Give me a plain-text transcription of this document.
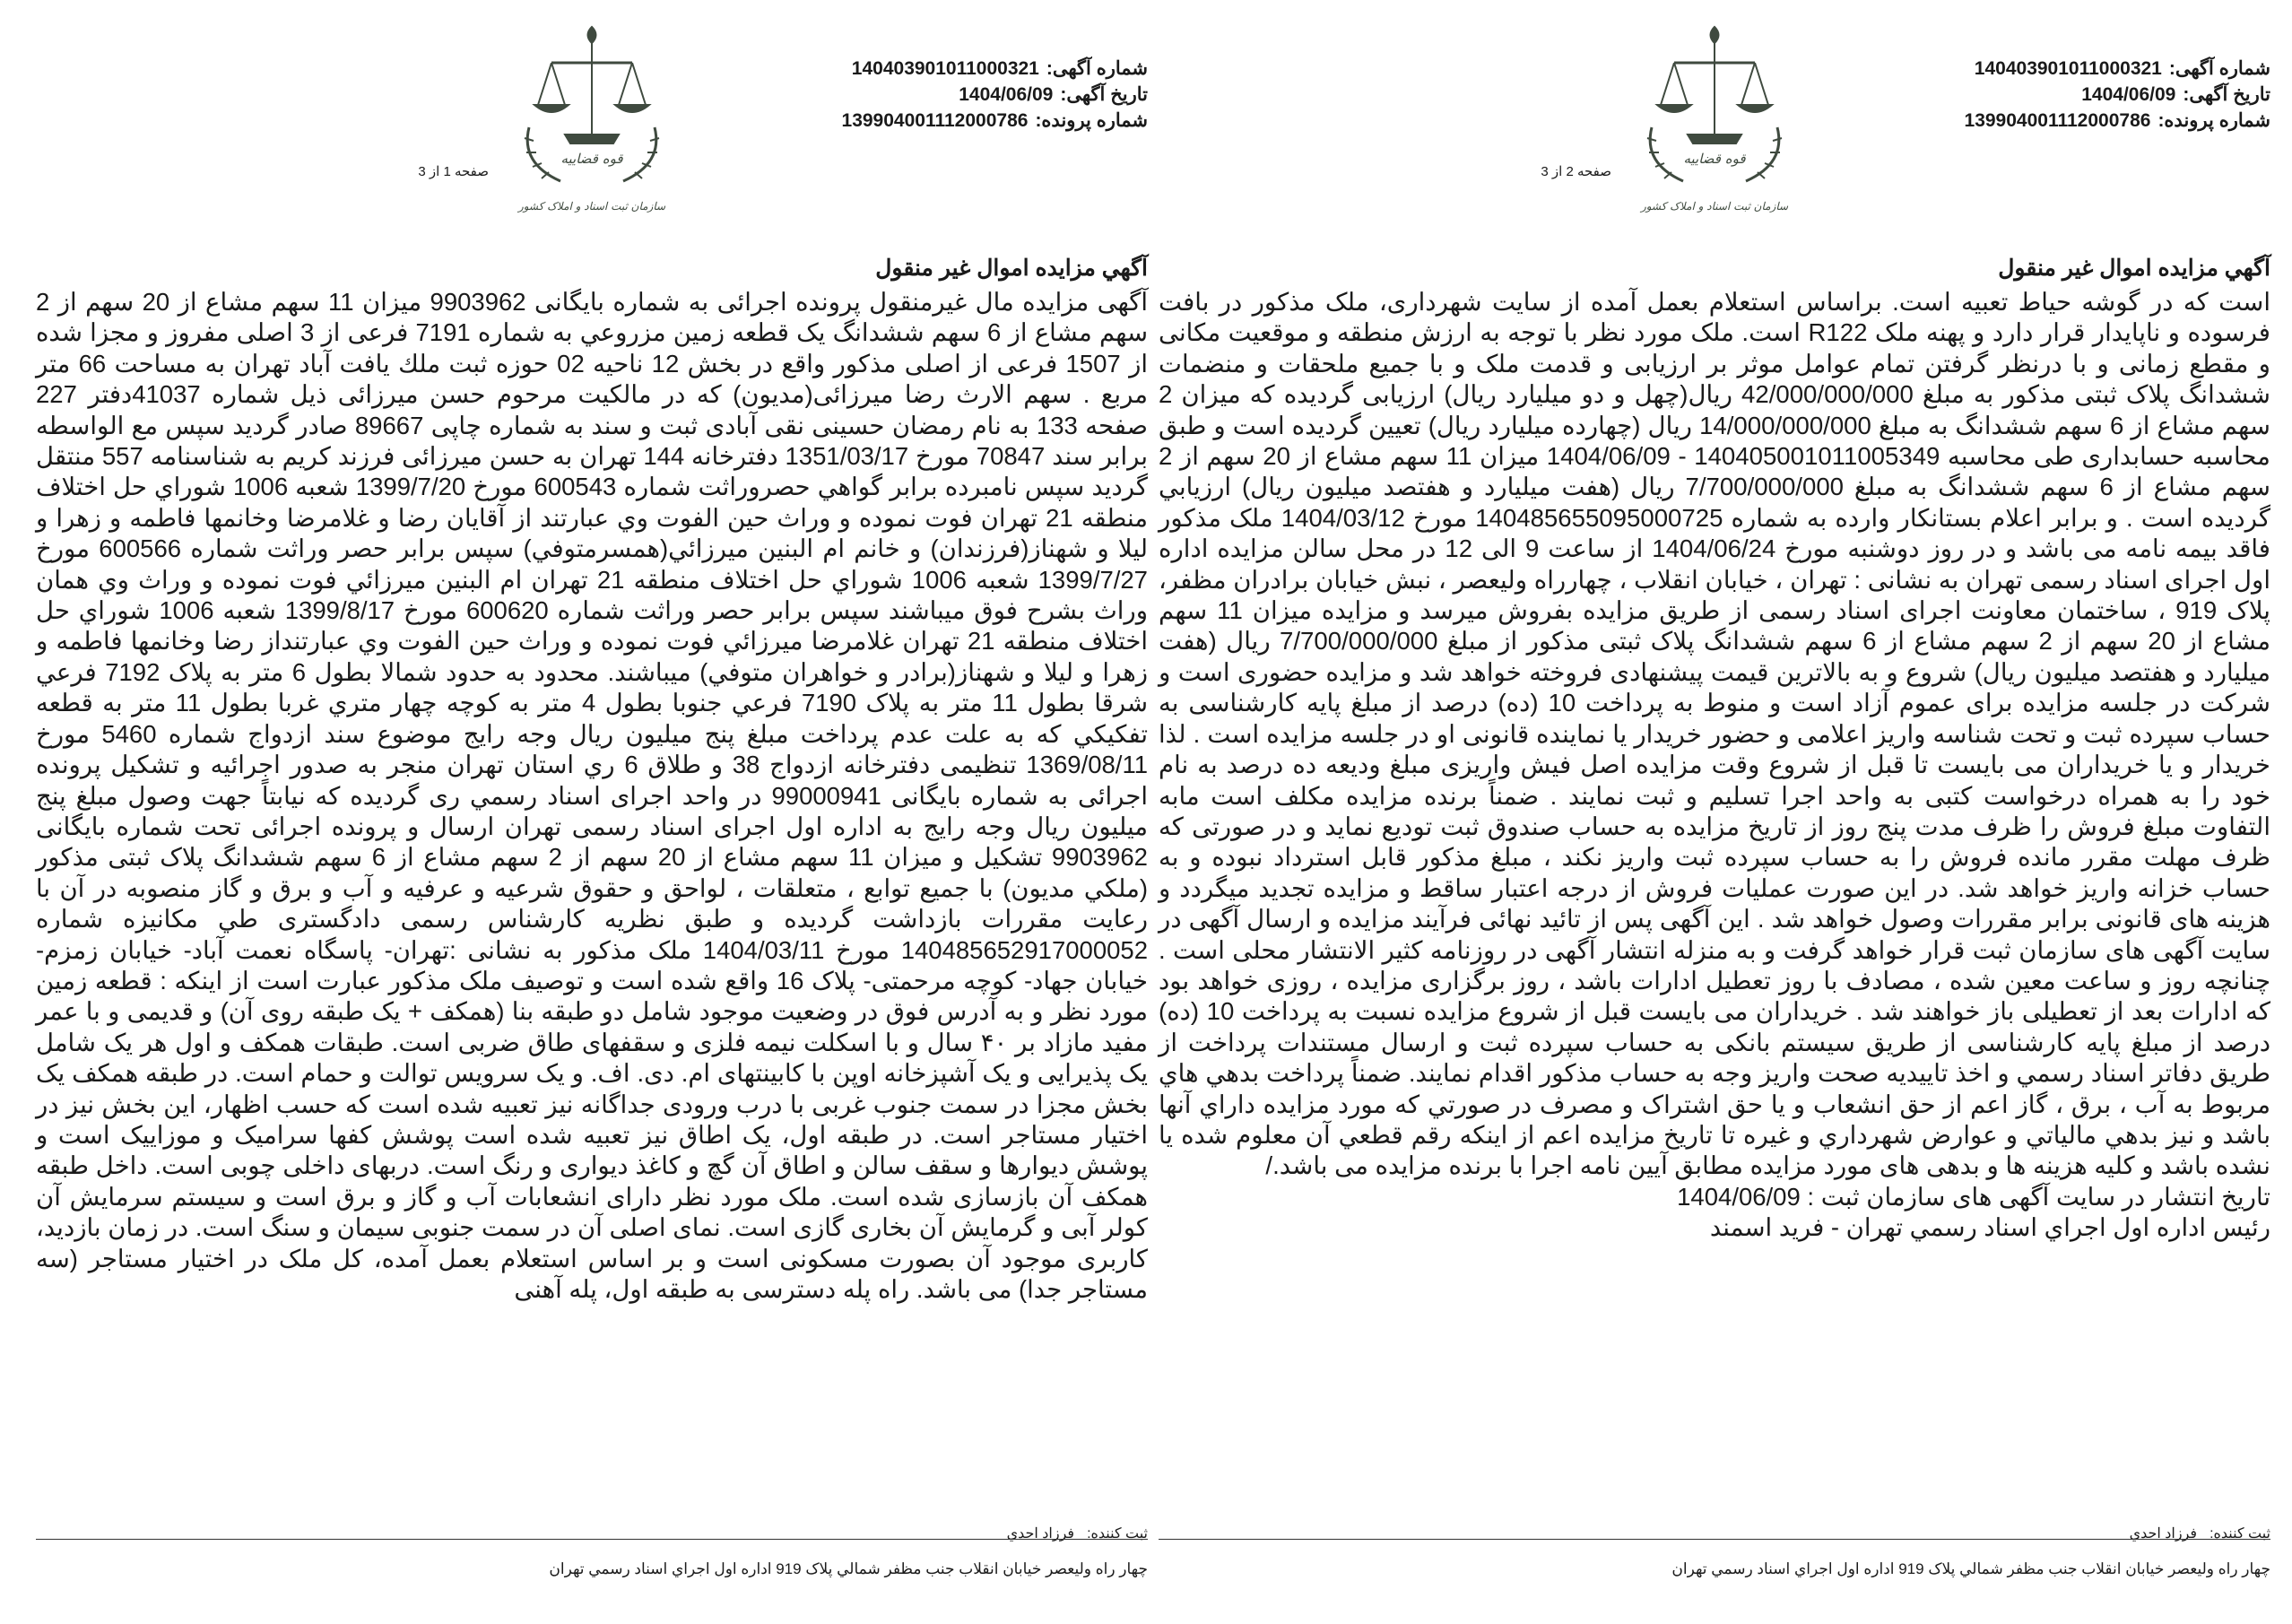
شماره آگهی:140403901011000321
تاریخ آگهی:1404/06/09
شماره پرونده:139904001112000786
قوه قضاییه
سازمان ثبت اسناد و املاک کشور
صفحه 1 از 3
آگهي مزايده اموال غير منقول

آگهی مزايده مال غیرمنقول پرونده اجرائی به شماره بایگانی 9903962 میزان 11 سهم مشاع از 20 سهم از 2 سهم مشاع از 6 سهم ششدانگ یک قطعه زمین مزروعي به شماره 7191 فرعی از 3 اصلی مفروز و مجزا شده از 1507 فرعی از اصلی مذکور واقع در بخش 12 ناحیه 02 حوزه ثبت ملك يافت آباد تهران به مساحت 66 متر مربع . سهم الارث رضا میرزائی(مدیون) که در مالکیت مرحوم حسن میرزائی ذیل شماره 41037دفتر 227 صفحه 133 به نام رمضان حسینی نقی آبادی ثبت و سند به شماره چاپی 89667 صادر گردید سپس مع الواسطه برابر سند 70847 مورخ 1351/03/17 دفترخانه 144 تهران به حسن میرزائی فرزند کریم به شناسنامه 557 منتقل گردید سپس نامبرده برابر گواهي حصروراثت شماره 600543 مورخ 1399/7/20 شعبه 1006 شوراي حل اختلاف منطقه 21 تهران فوت نموده و وراث حين الفوت وي عبارتند از آقايان رضا و غلامرضا وخانمها فاطمه و زهرا و ليلا و شهناز(فرزندان) و خانم ام البنين ميرزائي(همسرمتوفي) سپس برابر حصر وراثت شماره 600566 مورخ 1399/7/27 شعبه 1006 شوراي حل اختلاف منطقه 21 تهران ام البنين ميرزائي فوت نموده و وراث وي همان وراث بشرح فوق ميباشند سپس برابر حصر وراثت شماره 600620 مورخ 1399/8/17 شعبه 1006 شوراي حل اختلاف منطقه 21 تهران غلامرضا ميرزائي فوت نموده و وراث حين الفوت وي عبارتنداز رضا وخانمها فاطمه و زهرا و ليلا و شهناز(برادر و خواهران متوفي) ميباشند. محدود به حدود شمالا بطول 6 متر به پلاک 7192 فرعي شرقا بطول 11 متر به پلاک 7190 فرعي جنوبا بطول 4 متر به کوچه چهار متري غربا بطول 11 متر به قطعه تفکيکي که به علت عدم پرداخت مبلغ پنج ميليون ريال وجه رايج موضوع سند ازدواج شماره 5460 مورخ 1369/08/11 تنظيمی دفترخانه ازدواج 38 و طلاق 6 ري استان تهران منجر به صدور اجرائيه و تشکيل پرونده اجرائی به شماره بایگانی 99000941 در واحد اجرای اسناد رسمي ری گرديده كه نيابتاً جهت وصول مبلغ پنج ميليون ريال وجه رايج به اداره اول اجرای اسناد رسمی تهران ارسال و پرونده اجرائی تحت شماره بایگانی 9903962 تشکیل و میزان 11 سهم مشاع از 20 سهم از 2 سهم مشاع از 6 سهم ششدانگ پلاک ثبتی مذکور (ملكي مديون) با جميع توابع ، متعلقات ، لواحق و حقوق شرعيه و عرفيه و آب و برق و گاز منصوبه در آن با رعايت مقررات بازداشت گرديده و طبق نظريه كارشناس رسمی دادگستری طي مكانيزه شماره 140485652917000052 مورخ 1404/03/11 ملک مذکور به نشانی :تهران- پاسگاه نعمت آباد- خیابان زمزم- خیابان جهاد- کوچه مرحمتی- پلاک 16 واقع شده است و توصیف ملک مذکور عبارت است از اینکه : قطعه زمین مورد نظر و به آدرس فوق در وضعیت موجود شامل دو طبقه بنا (همکف + یک طبقه روی آن) و قدیمی و با عمر مفید مازاد بر ۴۰ سال و با اسکلت نیمه فلزی و سقفهای طاق ضربی است. طبقات همکف و اول هر یک شامل یک پذیرایی و یک آشپزخانه اوپن با کابینتهای ام. دی. اف. و یک سرویس توالت و حمام است. در طبقه همکف یک بخش مجزا در سمت جنوب غربی با درب ورودی جداگانه نیز تعبیه شده است که حسب اظهار، این بخش نیز در اختیار مستاجر است. در طبقه اول، یک اطاق نیز تعبیه شده است پوشش کفها سرامیک و موزاییک است و پوشش دیوارها و سقف سالن و اطاق آن گچ و کاغذ دیواری و رنگ است. دربهای داخلی چوبی است. داخل طبقه همکف آن بازسازی شده است. ملک مورد نظر دارای انشعابات آب و گاز و برق است و سیستم سرمایش آن کولر آبی و گرمایش آن بخاری گازی است. نمای اصلی آن در سمت جنوبی سیمان و سنگ است. در زمان بازدید، کاربری موجود آن بصورت مسکونی است و بر اساس استعلام بعمل آمده، کل ملک در اختیار مستاجر (سه مستاجر جدا) می باشد. راه پله دسترسی به طبقه اول، پله آهنی

ثبت کننده:فرزاد احدي
چهار راه وليعصر خيابان انقلاب جنب مظفر شمالي پلاک 919 اداره اول اجراي اسناد رسمي تهران
شماره آگهی:140403901011000321
تاریخ آگهی:1404/06/09
شماره پرونده:139904001112000786
قوه قضاییه
سازمان ثبت اسناد و املاک کشور
صفحه 2 از 3
آگهي مزايده اموال غير منقول

است که در گوشه حیاط تعبیه است. براساس استعلام بعمل آمده از سایت شهرداری، ملک مذکور در بافت فرسوده و ناپایدار قرار دارد و پهنه ملک R122 است. ملک مورد نظر با توجه به ارزش منطقه و موقعیت مکانی و مقطع زمانی و با درنظر گرفتن تمام عوامل موثر بر ارزیابی و قدمت ملک و با جمیع ملحقات و منضمات ششدانگ پلاک ثبتی مذکور به مبلغ 42/000/000/000 ريال(چهل و دو ميليارد ريال) ارزیابی گردیده که میزان 2 سهم مشاع از 6 سهم ششدانگ به مبلغ 14/000/000/000 ريال (چهارده ميليارد ريال) تعیین گردیده است و طبق محاسبه حسابداری طی محاسبه 140405001011005349 - 1404/06/09 میزان 11 سهم مشاع از 20 سهم از 2 سهم مشاع از 6 سهم ششدانگ به مبلغ 7/700/000/000 ريال (هفت ميليارد و هفتصد ميليون ريال) ارزيابي گرديده است . و برابر اعلام بستانكار وارده به شماره 140485655095000725 مورخ 1404/03/12 ملک مذکور فاقد بیمه نامه می باشد و در روز دوشنبه مورخ 1404/06/24 از ساعت 9 الی 12 در محل سالن مزايده اداره اول اجرای اسناد رسمی تهران به نشانی : تهران ، خیابان انقلاب ، چهارراه ولیعصر ، نبش خیابان برادران مظفر، پلاک 919 ، ساختمان معاونت اجرای اسناد رسمی از طریق مزایده بفروش میرسد و مزایده میزان 11 سهم مشاع از 20 سهم از 2 سهم مشاع از 6 سهم ششدانگ پلاک ثبتی مذکور از مبلغ 7/700/000/000 ريال (هفت ميليارد و هفتصد ميليون ريال) شروع و به بالاترين قيمت پيشنهادی فروخته خواهد شد و مزايده حضوری است و شرکت در جلسه مزايده برای عموم آزاد است و منوط به پرداخت 10 (ده) درصد از مبلغ پايه کارشناسی به حساب سپرده ثبت و تحت شناسه واريز اعلامی و حضور خريدار يا نماينده قانونی او در جلسه مزايده است . لذا خريدار و يا خريداران می بايست تا قبل از شروع وقت مزايده اصل فيش واريزی مبلغ وديعه ده درصد به نام خود را به همراه درخواست کتبی به واحد اجرا تسليم و ثبت نمايند . ضمناً برنده مزايده مکلف است مابه التفاوت مبلغ فروش را ظرف مدت پنج روز از تاريخ مزايده به حساب صندوق ثبت توديع نمايد و در صورتی که ظرف مهلت مقرر مانده فروش را به حساب سپرده ثبت واريز نکند ، مبلغ مذکور قابل استرداد نبوده و به حساب خزانه واريز خواهد شد. در اين صورت عمليات فروش از درجه اعتبار ساقط و مزايده تجديد ميگردد و هزينه های قانونی برابر مقررات وصول خواهد شد . اين آگهی پس از تائيد نهائی فرآيند مزايده و ارسال آگهی در سايت آگهی های سازمان ثبت قرار خواهد گرفت و به منزله انتشار آگهی در روزنامه کثير الانتشار محلی است . چنانچه روز و ساعت معين شده ، مصادف با روز تعطيل ادارات باشد ، روز برگزاری مزايده ، روزی خواهد بود که ادارات بعد از تعطيلی باز خواهند شد . خريداران می بايست قبل از شروع مزايده نسبت به پرداخت 10 (ده) درصد از مبلغ پايه کارشناسی از طريق سيستم بانکی به حساب سپرده ثبت و ارسال مستندات پرداخت از طريق دفاتر اسناد رسمي و اخذ تاييديه صحت واريز وجه به حساب مذکور اقدام نمايند. ضمناً پرداخت بدهي هاي مربوط به آب ، برق ، گاز اعم از حق انشعاب و يا حق اشتراک و مصرف در صورتي که مورد مزايده داراي آنها باشد و نيز بدهي مالياتي و عوارض شهرداري و غيره تا تاريخ مزايده اعم از اينکه رقم قطعي آن معلوم شده يا نشده باشد و کليه هزينه ها و بدهی های مورد مزايده مطابق آيين نامه اجرا با برنده مزايده می باشد./

تاريخ انتشار در سايت آگهی های سازمان ثبت : 1404/06/09

رئيس اداره اول اجراي اسناد رسمي تهران - فريد اسمند

ثبت کننده:فرزاد احدي
چهار راه وليعصر خيابان انقلاب جنب مظفر شمالي پلاک 919 اداره اول اجراي اسناد رسمي تهران
